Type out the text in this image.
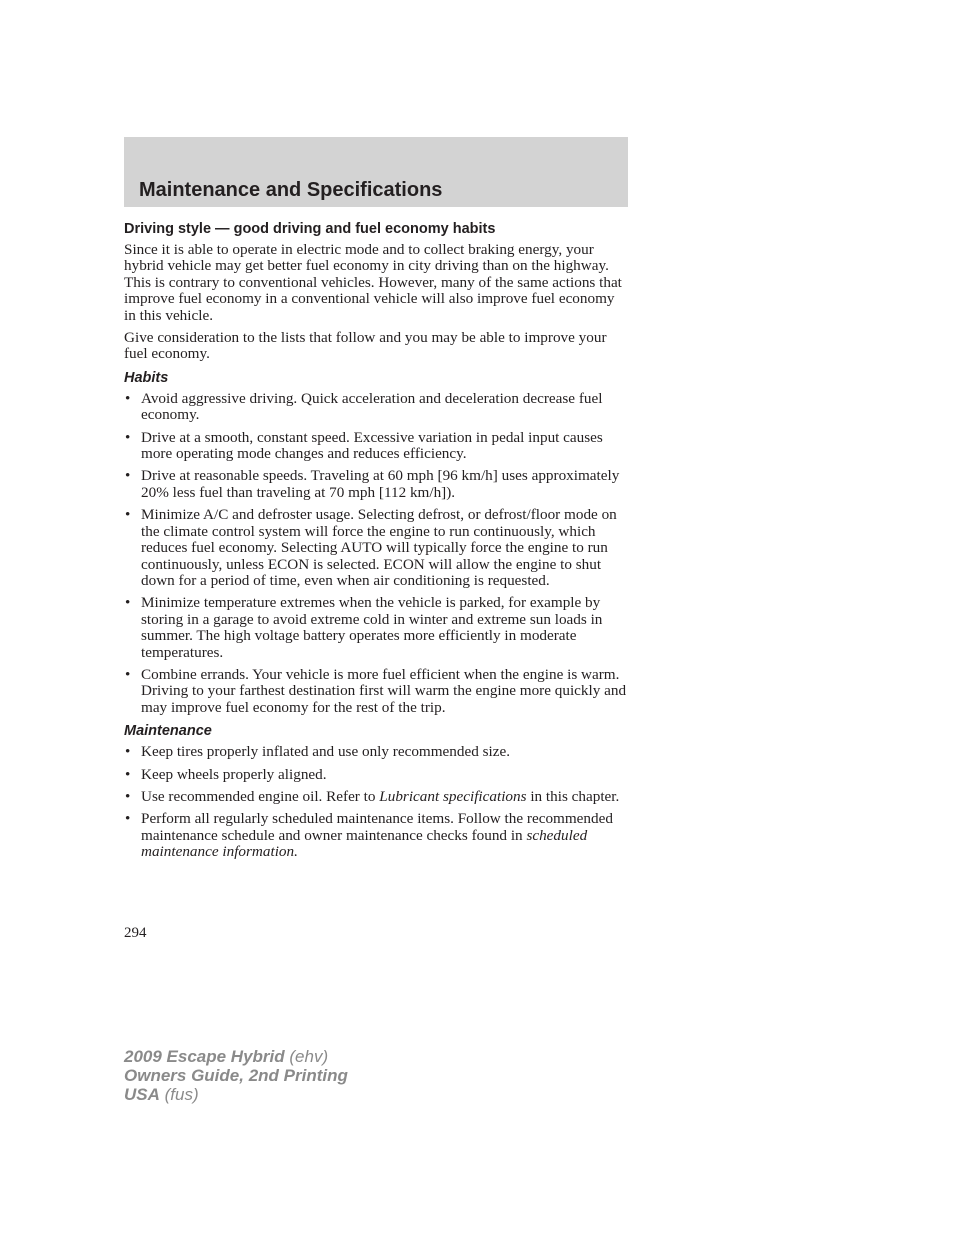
Maintenance and Specifications
Driving style — good driving and fuel economy habits

Since it is able to operate in electric mode and to collect braking energy, your hybrid vehicle may get better fuel economy in city driving than on the highway. This is contrary to conventional vehicles. However, many of the same actions that improve fuel economy in a conventional vehicle will also improve fuel economy in this vehicle.

Give consideration to the lists that follow and you may be able to improve your fuel economy.

Habits
• Avoid aggressive driving. Quick acceleration and deceleration decrease fuel economy.
• Drive at a smooth, constant speed. Excessive variation in pedal input causes more operating mode changes and reduces efficiency.
• Drive at reasonable speeds. Traveling at 60 mph [96 km/h] uses approximately 20% less fuel than traveling at 70 mph [112 km/h]).
• Minimize A/C and defroster usage. Selecting defrost, or defrost/floor mode on the climate control system will force the engine to run continuously, which reduces fuel economy. Selecting AUTO will typically force the engine to run continuously, unless ECON is selected. ECON will allow the engine to shut down for a period of time, even when air conditioning is requested.
• Minimize temperature extremes when the vehicle is parked, for example by storing in a garage to avoid extreme cold in winter and extreme sun loads in summer. The high voltage battery operates more efficiently in moderate temperatures.
• Combine errands. Your vehicle is more fuel efficient when the engine is warm. Driving to your farthest destination first will warm the engine more quickly and may improve fuel economy for the rest of the trip.
Maintenance
• Keep tires properly inflated and use only recommended size.
• Keep wheels properly aligned.
• Use recommended engine oil. Refer to Lubricant specifications in this chapter.
• Perform all regularly scheduled maintenance items. Follow the recommended maintenance schedule and owner maintenance checks found in scheduled maintenance information.
294
2009 Escape Hybrid (ehv)
Owners Guide, 2nd Printing
USA (fus)
